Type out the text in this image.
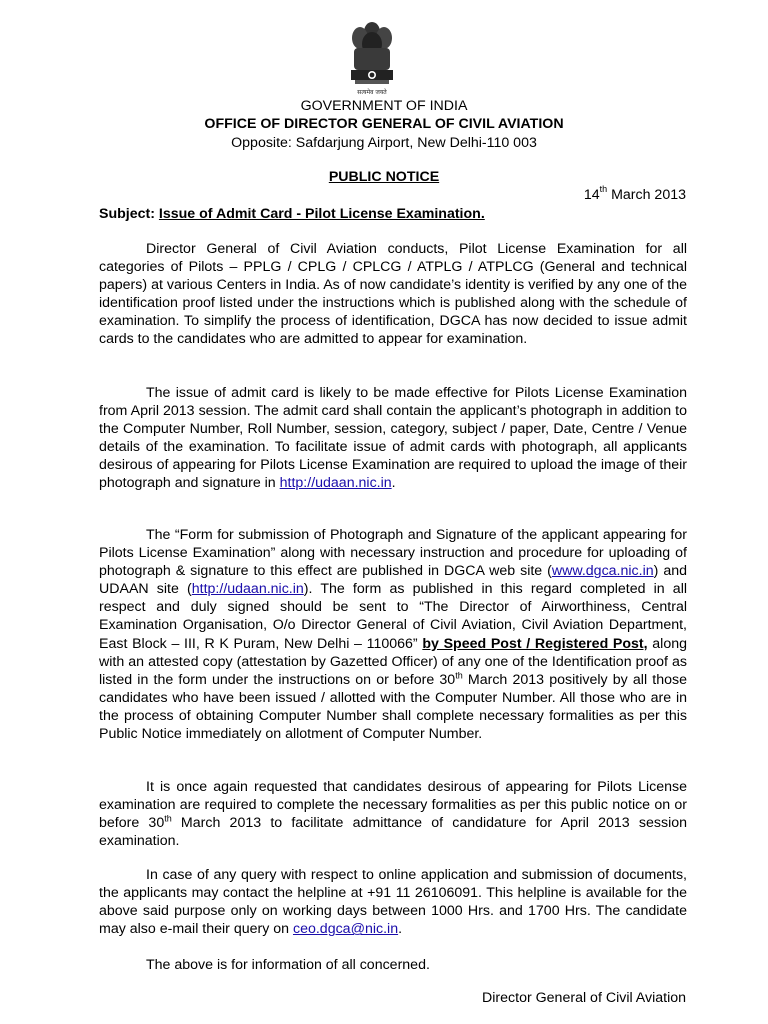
सत्यमेव जयते
GOVERNMENT OF INDIA
OFFICE OF DIRECTOR GENERAL OF CIVIL AVIATION
Opposite: Safdarjung Airport, New Delhi-110 003
PUBLIC NOTICE
14th March 2013
Subject: Issue of Admit Card - Pilot License Examination.
Director General of Civil Aviation conducts, Pilot License Examination for all categories of Pilots – PPLG / CPLG / CPLCG / ATPLG / ATPLCG (General and technical papers) at various Centers in India. As of now candidate’s identity is verified by any one of the identification proof listed under the instructions which is published along with the schedule of examination. To simplify the process of identification, DGCA has now decided to issue admit cards to the candidates who are admitted to appear for examination.
The issue of admit card is likely to be made effective for Pilots License Examination from April 2013 session. The admit card shall contain the applicant’s photograph in addition to the Computer Number, Roll Number, session, category, subject / paper, Date, Centre / Venue details of the examination. To facilitate issue of admit cards with photograph, all applicants desirous of appearing for Pilots License Examination are required to upload the image of their photograph and signature in http://udaan.nic.in.
The “Form for submission of Photograph and Signature of the applicant appearing for Pilots License Examination” along with necessary instruction and procedure for uploading of photograph & signature to this effect are published in DGCA web site (www.dgca.nic.in) and UDAAN site (http://udaan.nic.in). The form as published in this regard completed in all respect and duly signed should be sent to “The Director of Airworthiness, Central Examination Organisation, O/o Director General of Civil Aviation, Civil Aviation Department, East Block – III, R K Puram, New Delhi – 110066” by Speed Post / Registered Post, along with an attested copy (attestation by Gazetted Officer) of any one of the Identification proof as listed in the form under the instructions on or before 30th March 2013 positively by all those candidates who have been issued / allotted with the Computer Number. All those who are in the process of obtaining Computer Number shall complete necessary formalities as per this Public Notice immediately on allotment of Computer Number.
It is once again requested that candidates desirous of appearing for Pilots License examination are required to complete the necessary formalities as per this public notice on or before 30th March 2013 to facilitate admittance of candidature for April 2013 session examination.
In case of any query with respect to online application and submission of documents, the applicants may contact the helpline at +91 11 26106091. This helpline is available for the above said purpose only on working days between 1000 Hrs. and 1700 Hrs. The candidate may also e-mail their query on ceo.dgca@nic.in.
The above is for information of all concerned.
Director General of Civil Aviation
